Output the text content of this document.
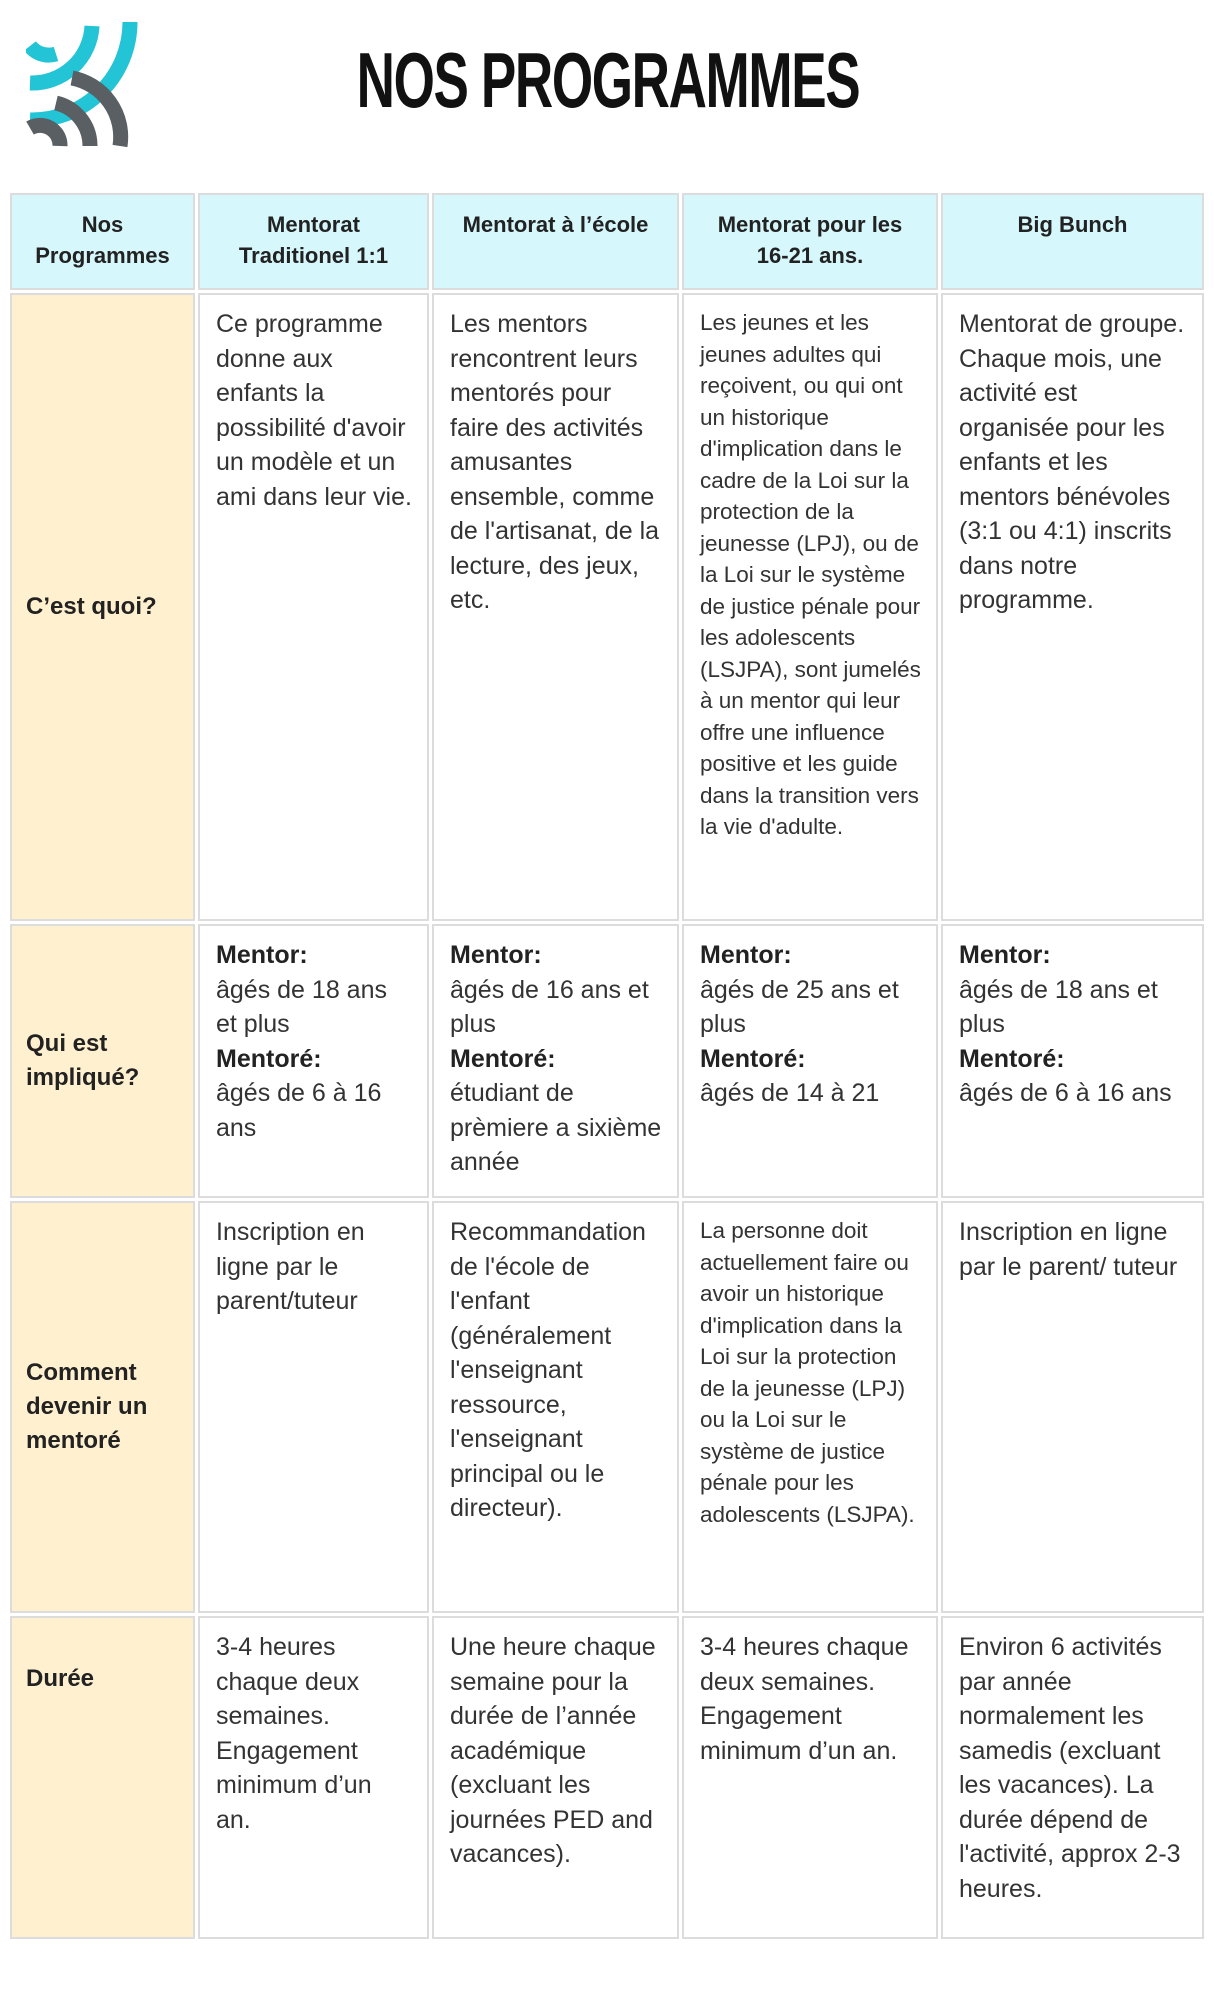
NOS PROGRAMMES
Nos Programmes
Mentorat Traditionel 1:1
Mentorat à l’école	Mentorat pour les 16-21 ans.
Big Bunch
C’est quoi?
Ce programme donne aux enfants la possibilité d'avoir un modèle et un ami dans leur vie.
Les mentors rencontrent leurs mentorés pour faire des activités amusantes ensemble, comme de l'artisanat, de la lecture, des jeux, etc.
Les jeunes et les jeunes adultes qui reçoivent, ou qui ont un historique d'implication dans le cadre de la Loi sur la protection de la jeunesse (LPJ), ou de la Loi sur le système de justice pénale pour les adolescents (LSJPA), sont jumelés à un mentor qui leur offre une influence positive et les guide dans la transition vers la vie d'adulte.
Mentorat de groupe. Chaque mois, une activité est organisée pour les enfants et les mentors bénévoles (3:1 ou 4:1) inscrits dans notre programme.
Qui est impliqué?
Mentor:
âgés de 18 ans et plus
Mentoré:
âgés de 6 à 16 ans
Mentor:
âgés de 16 ans et plus
Mentoré:
étudiant de prèmiere a sixième année
Mentor:
âgés de 25 ans et plus
Mentoré:
âgés de 14 à 21
Mentor:
âgés de 18 ans et plus
Mentoré:
âgés de 6 à 16 ans
Comment devenir un mentoré
Inscription en ligne par le parent/tuteur
Recommandation de l'école de l'enfant (généralement l'enseignant ressource, l'enseignant principal ou le directeur).
La personne doit actuellement faire ou avoir un historique d'implication dans la Loi sur la protection de la jeunesse (LPJ) ou la Loi sur le système de justice pénale pour les adolescents (LSJPA).
Inscription en ligne par le parent/ tuteur
Durée
3-4 heures chaque deux semaines. Engagement minimum d’un an.
Une heure chaque semaine pour la durée de l’année académique (excluant les journées PED and vacances).
3-4 heures chaque deux semaines. Engagement minimum d’un an.
Environ 6 activités par année normalement les samedis (excluant les vacances). La durée dépend de l'activité, approx 2-3 heures.
